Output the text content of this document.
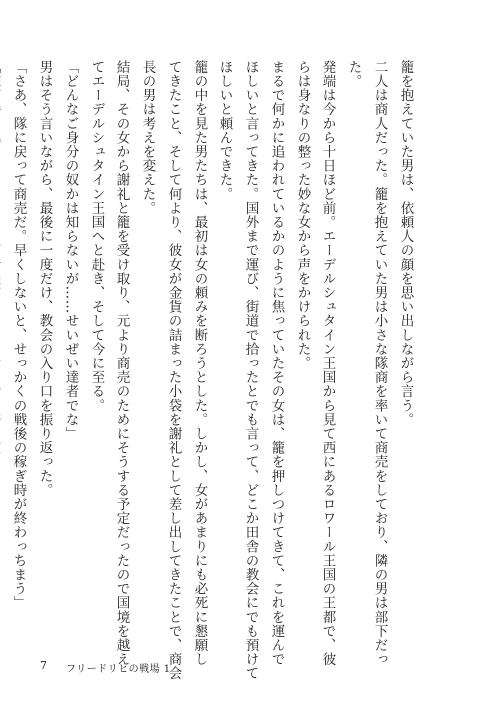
籠を抱えていた男は、依頼人の顔を思い出しながら言う。
二人は商人だった。籠を抱えていた男は小さな隊商を率いて商売をしており、隣の男は部下だっ
た。
発端は今から十日ほど前。エーデルシュタイン王国から見て西にあるロワール王国の王都で、彼
らは身なりの整った妙な女から声をかけられた。
まるで何かに追われているかのように焦っていたその女は、籠を押しつけてきて、これを運んで
ほしいと言ってきた。国外まで運び、街道で拾ったとでも言って、どこか田舎の教会にでも預けて
ほしいと頼んできた。
籠の中を見た男たちは、最初は女の頼みを断ろうとした。しかし、女があまりにも必死に懇願し
てきたこと、そして何より、彼女が金貨の詰まった小袋を謝礼として差し出してきたことで、商会
長の男は考えを変えた。
結局、その女から謝礼と籠を受け取り、元より商売のためにそうする予定だったので国境を越え
てエーデルシュタイン王国へと赴き、そして今に至る。
「どんなご身分の奴かは知らないが……せいぜい達者でな」
男はそう言いながら、最後に一度だけ、教会の入り口を振り返った。
「さあ、隊に戻って商売だ。早くしないと、せっかくの戦後の稼ぎ時が終わっちまう」
7 フリードリヒの戦場 1
